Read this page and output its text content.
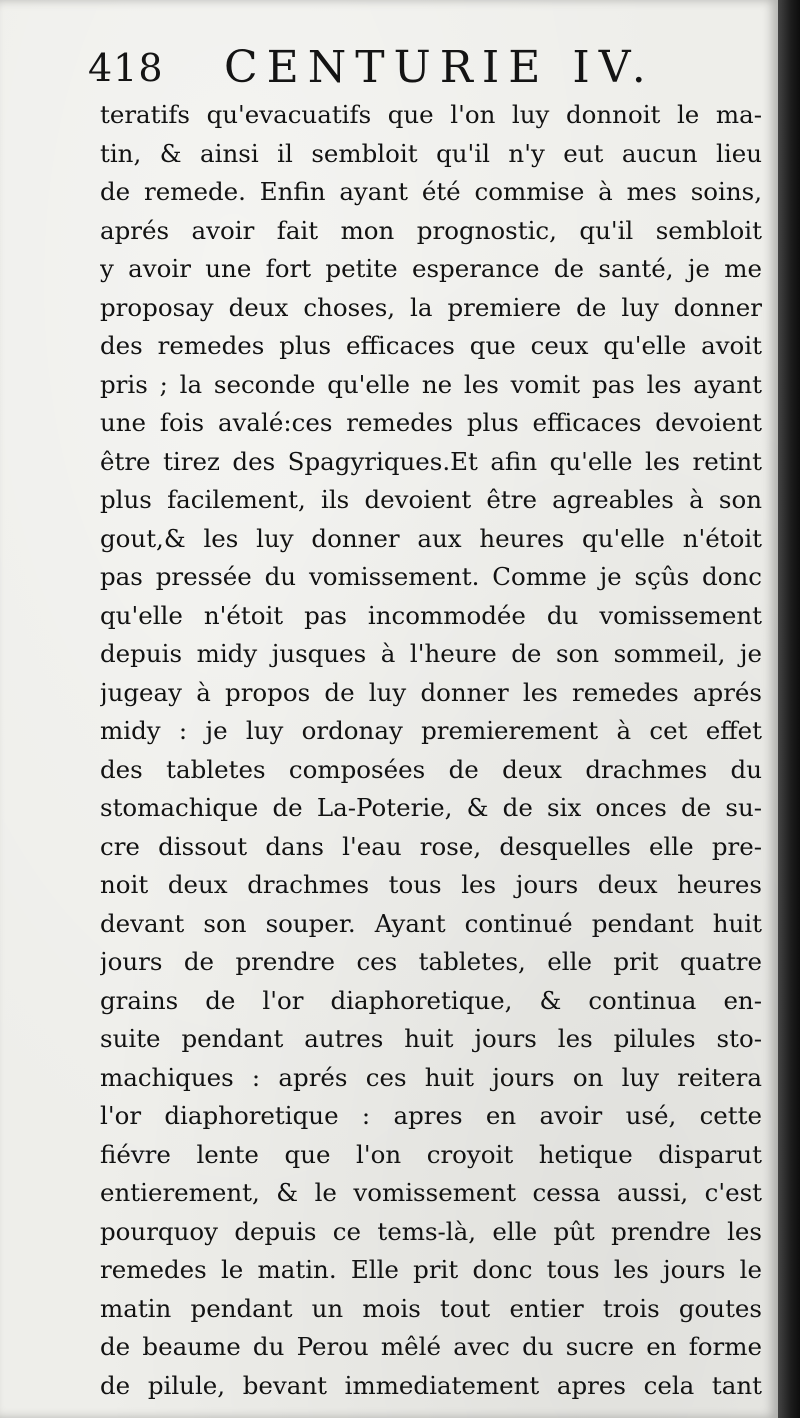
418 CENTURIE IV.
teratifs qu'evacuatifs que l'on luy donnoit le ma-
tin, & ainsi il sembloit qu'il n'y eut aucun lieu
de remede. Enfin ayant été commise à mes soins,
aprés avoir fait mon prognostic, qu'il sembloit
y avoir une fort petite esperance de santé, je me
proposay deux choses, la premiere de luy donner
des remedes plus efficaces que ceux qu'elle avoit
pris ; la seconde qu'elle ne les vomit pas les ayant
une fois avalé:ces remedes plus efficaces devoient
être tirez des Spagyriques.Et afin qu'elle les retint
plus facilement, ils devoient être agreables à son
gout,& les luy donner aux heures qu'elle n'étoit
pas pressée du vomissement. Comme je sçûs donc
qu'elle n'étoit pas incommodée du vomissement
depuis midy jusques à l'heure de son sommeil, je
jugeay à propos de luy donner les remedes aprés
midy : je luy ordonay premierement à cet effet
des tabletes composées de deux drachmes du
stomachique de La-Poterie, & de six onces de su-
cre dissout dans l'eau rose, desquelles elle pre-
noit deux drachmes tous les jours deux heures
devant son souper. Ayant continué pendant huit
jours de prendre ces tabletes, elle prit quatre
grains de l'or diaphoretique, & continua en-
suite pendant autres huit jours les pilules sto-
machiques : aprés ces huit jours on luy reitera
l'or diaphoretique : apres en avoir usé, cette
fiévre lente que l'on croyoit hetique disparut
entierement, & le vomissement cessa aussi, c'est
pourquoy depuis ce tems-là, elle pût prendre les
remedes le matin. Elle prit donc tous les jours le
matin pendant un mois tout entier trois goutes
de beaume du Perou mêlé avec du sucre en forme
de pilule, bevant immediatement apres cela tant
